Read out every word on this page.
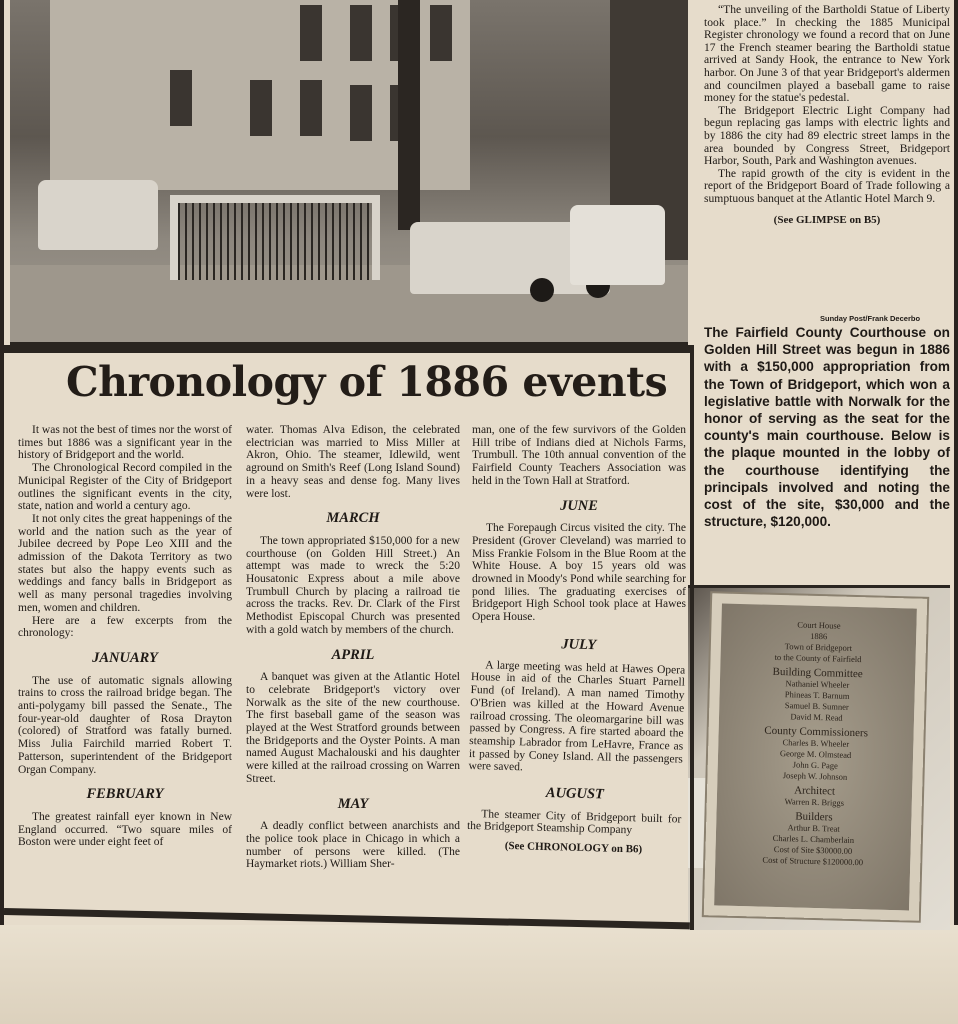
“The unveiling of the Bartholdi Statue of Liberty took place.” In checking the 1885 Municipal Register chronology we found a record that on June 17 the French steamer bearing the Bartholdi statue arrived at Sandy Hook, the entrance to New York harbor. On June 3 of that year Bridgeport's aldermen and councilmen played a baseball game to raise money for the statue's pedestal.

The Bridgeport Electric Light Company had begun replacing gas lamps with electric lights and by 1886 the city had 89 electric street lamps in the area bounded by Congress Street, Bridgeport Harbor, South, Park and Washington avenues.

The rapid growth of the city is evident in the report of the Bridgeport Board of Trade following a sumptuous banquet at the Atlantic Hotel March 9.

(See GLIMPSE on B5)

Sunday Post/Frank Decerbo
The Fairfield County Courthouse on Golden Hill Street was begun in 1886 with a $150,000 appropriation from the Town of Bridgeport, which won a legislative battle with Norwalk for the honor of serving as the seat for the county's main courthouse. Below is the plaque mounted in the lobby of the courthouse identifying the principals involved and noting the cost of the site, $30,000 and the structure, $120,000.
Court House
1886
Town of Bridgeport
to the County of Fairfield
Building Committee
Nathaniel Wheeler
Phineas T. Barnum
Samuel B. Sumner
David M. Read
County Commissioners
Charles B. Wheeler
George M. Olmstead
John G. Page
Joseph W. Johnson
Architect
Warren R. Briggs
Builders
Arthur B. Treat
Charles L. Chamberlain
Cost of Site $30000.00
Cost of Structure $120000.00
Chronology of 1886 events

It was not the best of times nor the worst of times but 1886 was a significant year in the history of Bridgeport and the world.

The Chronological Record compiled in the Municipal Register of the City of Bridgeport outlines the significant events in the city, state, nation and world a century ago.

It not only cites the great happenings of the world and the nation such as the year of Jubilee decreed by Pope Leo XIII and the admission of the Dakota Territory as two states but also the happy events such as weddings and fancy balls in Bridgeport as well as many personal tragedies involving men, women and children.

Here are a few excerpts from the chronology:

JANUARY

The use of automatic signals allowing trains to cross the railroad bridge began. The anti-polygamy bill passed the Senate., The four-year-old daughter of Rosa Drayton (colored) of Stratford was fatally burned. Miss Julia Fairchild married Robert T. Patterson, superintendent of the Bridgeport Organ Company.

FEBRUARY

The greatest rainfall eyer known in New England occurred. “Two square miles of Boston were under eight feet of

water. Thomas Alva Edison, the celebrated electrician was married to Miss Miller at Akron, Ohio. The steamer, Idlewild, went aground on Smith's Reef (Long Island Sound) in a heavy seas and dense fog. Many lives were lost.

MARCH

The town appropriated $150,000 for a new courthouse (on Golden Hill Street.) An attempt was made to wreck the 5:20 Housatonic Express about a mile above Trumbull Church by placing a railroad tie across the tracks. Rev. Dr. Clark of the First Methodist Episcopal Church was presented with a gold watch by members of the church.

APRIL

A banquet was given at the Atlantic Hotel to celebrate Bridgeport's victory over Norwalk as the site of the new courthouse. The first baseball game of the season was played at the West Stratford grounds between the Bridgeports and the Oyster Points. A man named August Machalouski and his daughter were killed at the railroad crossing on Warren Street.

MAY

A deadly conflict between anarchists and the police took place in Chicago in which a number of persons were killed. (The Haymarket riots.) William Sher-

man, one of the few survivors of the Golden Hill tribe of Indians died at Nichols Farms, Trumbull. The 10th annual convention of the Fairfield County Teachers Association was held in the Town Hall at Stratford.

JUNE

The Forepaugh Circus visited the city. The President (Grover Cleveland) was married to Miss Frankie Folsom in the Blue Room at the White House. A boy 15 years old was drowned in Moody's Pond while searching for pond lilies. The graduating exercises of Bridgeport High School took place at Hawes Opera House.

JULY

A large meeting was held at Hawes Opera House in aid of the Charles Stuart Parnell Fund (of Ireland). A man named Timothy O'Brien was killed at the Howard Avenue railroad crossing. The oleomargarine bill was passed by Congress. A fire started aboard the steamship Labrador from LeHavre, France as it passed by Coney Island. All the passengers were saved.

AUGUST

The steamer City of Bridgeport built for the Bridgeport Steamship Company

(See CHRONOLOGY on B6)
